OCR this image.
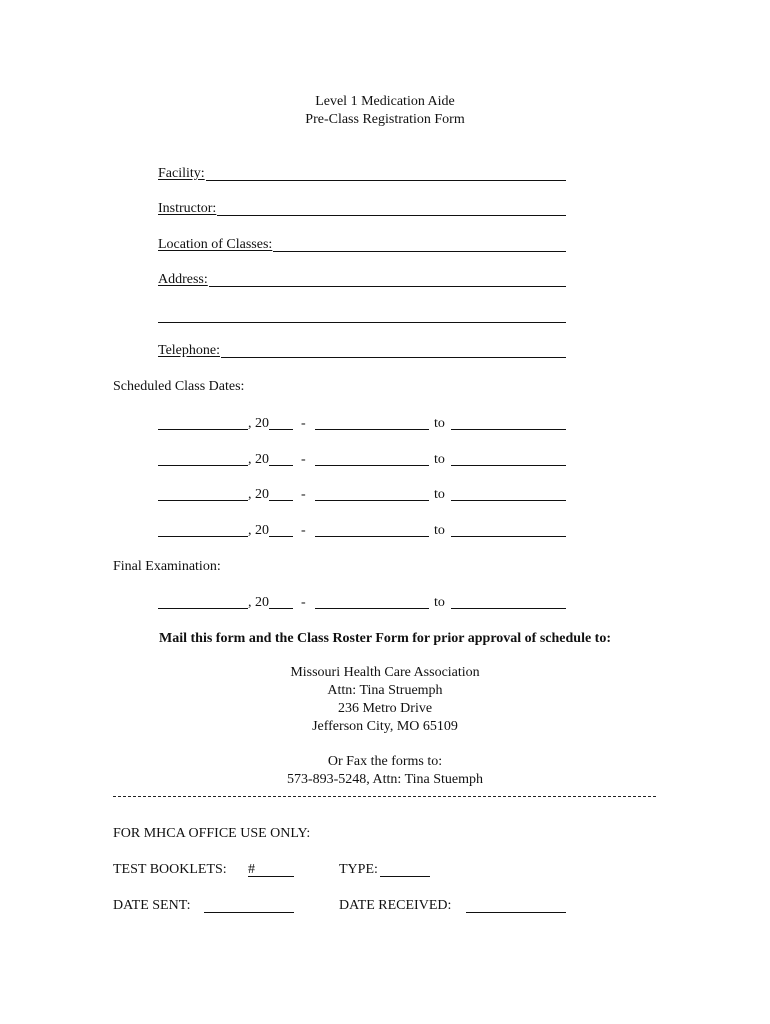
Level 1 Medication Aide
Pre-Class Registration Form
Facility:
Instructor:
Location of Classes:
Address:
Telephone:
Scheduled Class Dates:
, 20 -	to
, 20 -	to
, 20 -	to
, 20 -	to
Final Examination:
, 20 -	to
Mail this form and the Class Roster Form for prior approval of schedule to:
Missouri Health Care Association
Attn: Tina Struemph
236 Metro Drive
Jefferson City, MO 65109
Or Fax the forms to:
573-893-5248, Attn: Tina Stuemph
FOR MHCA OFFICE USE ONLY:
TEST BOOKLETS: #	TYPE:
DATE SENT:	DATE RECEIVED:
